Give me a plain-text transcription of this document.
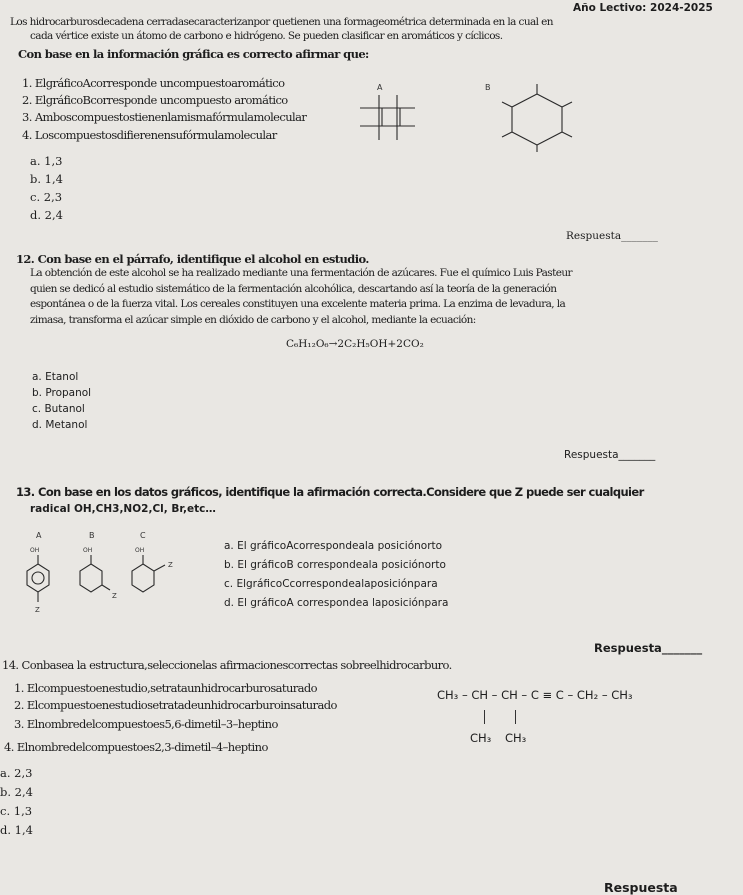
Año Lectivo: 2024-2025
Los hidrocarburosdecadena cerradasecaracterizanpor quetienen una formageométrica determinada en la cual en
cada vértice existe un átomo de carbono e hidrógeno. Se pueden clasificar en aromáticos y cíclicos.
Con base en la información gráfica es correcto afirmar que:
1. ElgráficoAcorresponde uncompuestoaromático
2. ElgráficoBcorresponde uncompuesto aromático
3. Amboscompuestostienenlamismafórmulamolecular
4. Loscompuestosdifierenensufórmulamolecular
A	B
a. 1,3
b. 1,4
c. 2,3
d. 2,4
Respuesta_______
12. Con base en el párrafo, identifique el alcohol en estudio.
La obtención de este alcohol se ha realizado mediante una fermentación de azúcares. Fue el químico Luis Pasteur
quien se dedicó al estudio sistemático de la fermentación alcohólica, descartando así la teoría de la generación
espontánea o de la fuerza vital. Los cereales constituyen una excelente materia prima. La enzima de levadura, la
zimasa, transforma el azúcar simple en dióxido de carbono y el alcohol, mediante la ecuación:
C₆H₁₂O₆→2C₂H₅OH+2CO₂
a. Etanol
b. Propanol
c. Butanol
d. Metanol
Respuesta_______
13. Con base en los datos gráficos, identifique la afirmación correcta.Considere que Z puede ser cualquier
radical OH,CH3,NO2,Cl, Br,etc…
A	B	C
OH
Z
OH
Z
OH
Z
a. El gráficoAcorrespondeala posiciónorto
b. El gráficoB correspondeala posiciónorto
c. ElgráficoCcorrespondealaposiciónpara
d. El gráficoA correspondea laposiciónpara
Respuesta_______
14. Conbasea la estructura,seleccionelas afirmacionescorrectas sobreelhidrocarburo.
1. Elcompuestoenestudio,setrataunhidrocarburosaturado
2. Elcompuestoenestudiosetratadeunhidrocarburoinsaturado
3. Elnombredelcompuestoes5,6-dimetil–3–heptino
4. Elnombredelcompuestoes2,3-dimetil–4–heptino
CH₃ – CH – CH – C ≡ C – CH₂ – CH₃
CH₃ CH₃
a. 2,3
b. 2,4
c. 1,3
d. 1,4
Respuesta
